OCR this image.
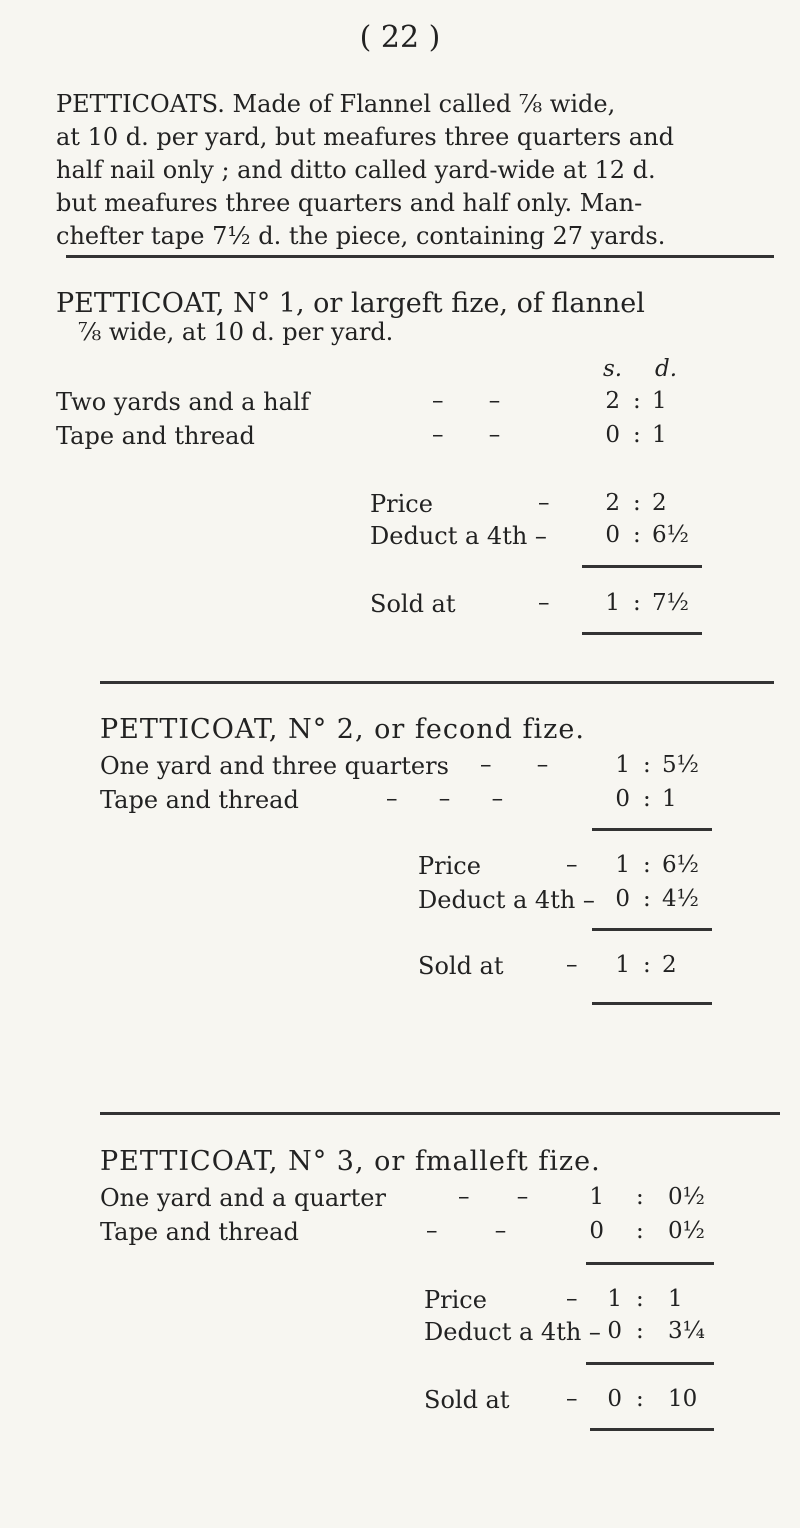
( 22 )

PETTICOATS. Made of Flannel called ⅞ wide,

at 10 d. per yard, but meafures three quarters and

half nail only ; and ditto called yard-wide at 12 d.

but meafures three quarters and half only. Man-

chefter tape 7½ d. the piece, containing 27 yards.

PETTICOAT, N° 1, or largeft fize, of flannel
⅞ wide, at 10 d. per yard.
s. d.
Two yards and a half	– –	2 : 1
Tape and thread	– –	0 : 1
Price	–	2 : 2
Deduct a 4th –	0 : 6½
Sold at	–	1 : 7½
PETTICOAT, N° 2, or fecond fize.
One yard and three quarters – –	1 : 5½
Tape and thread	– – –	0 : 1
Price	–	1 : 6½
Deduct a 4th – 0 : 4½
Sold at	–	1 : 2
PETTICOAT, N° 3, or fmalleft fize.
One yard and a quarter	– –	1 : 0½
Tape and thread	– –	0 : 0½
Price	–	1 : 1
Deduct a 4th – 0 : 3¼
Sold at –	0 : 10
